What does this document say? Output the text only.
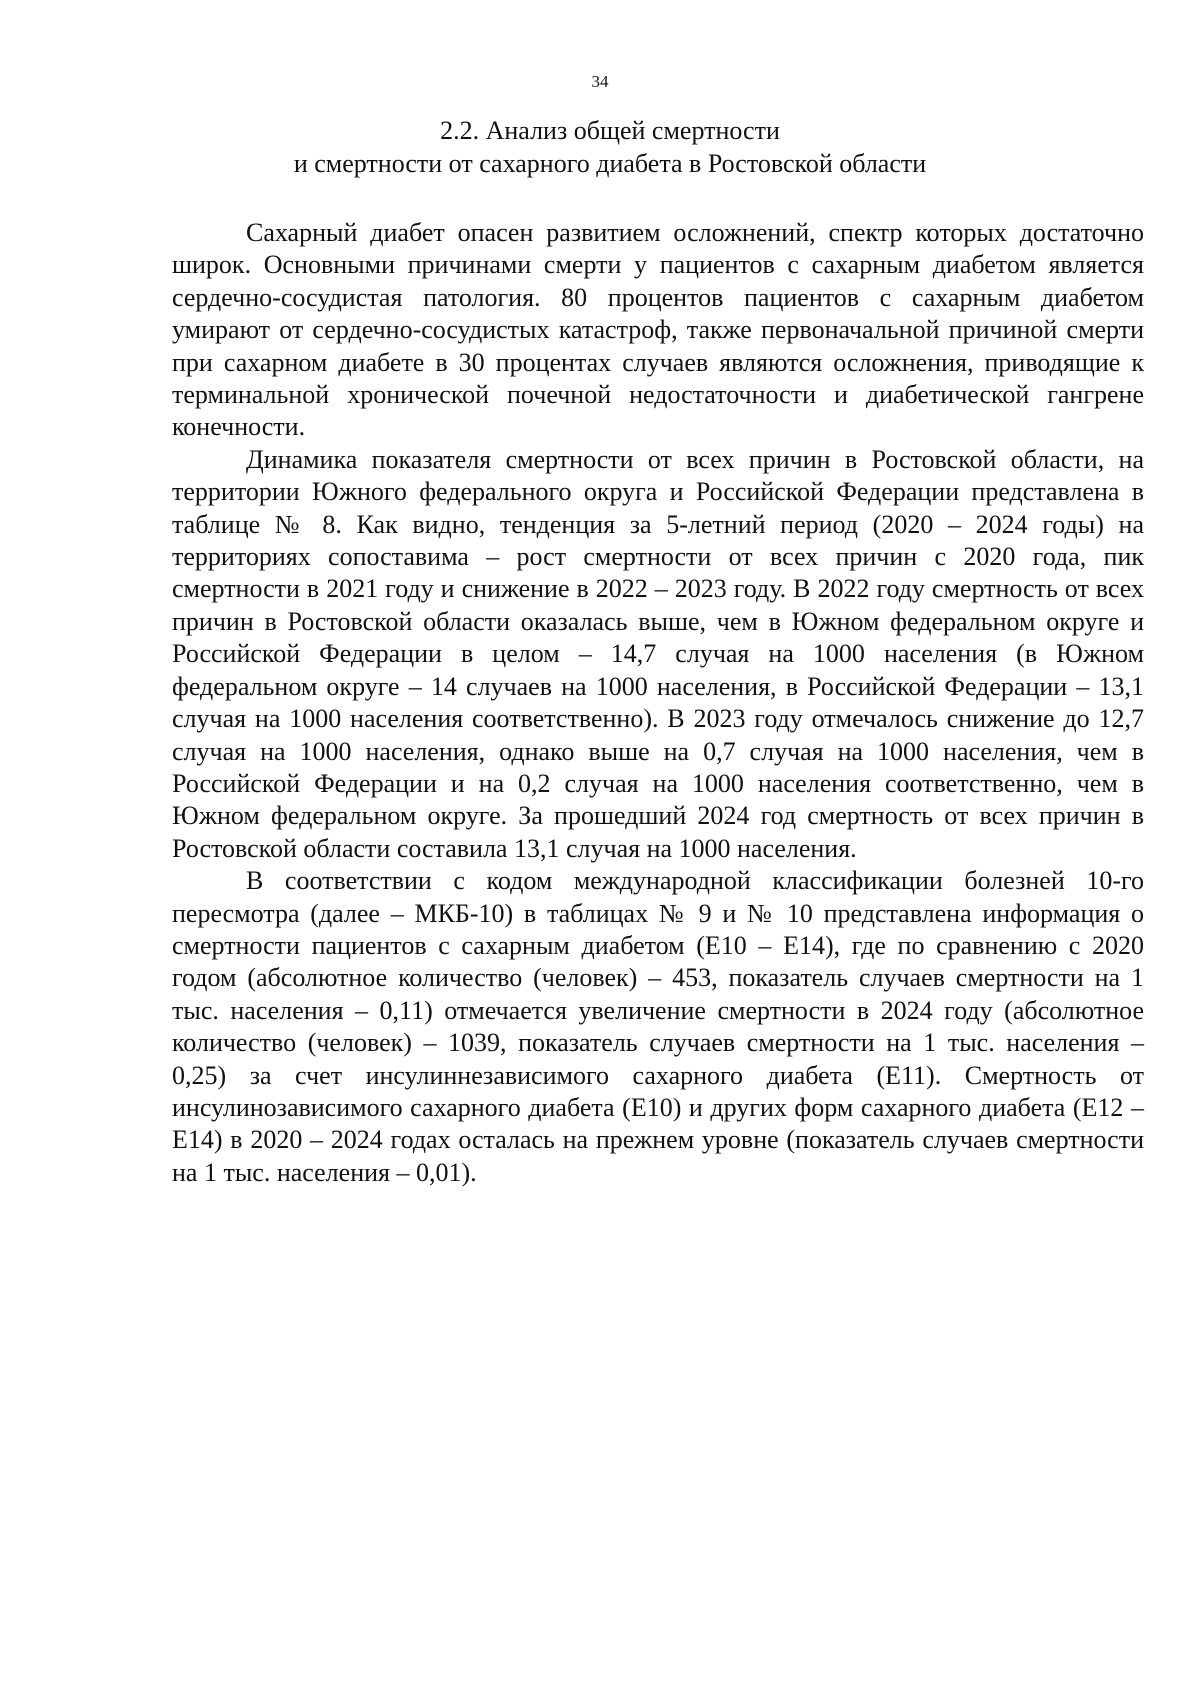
34
2.2. Анализ общей смертности
и смертности от сахарного диабета в Ростовской области

Сахарный диабет опасен развитием осложнений, спектр которых достаточно широк. Основными причинами смерти у пациентов с сахарным диабетом является сердечно-сосудистая патология. 80 процентов пациентов с сахарным диабетом умирают от сердечно-сосудистых катастроф, также первоначальной причиной смерти при сахарном диабете в 30 процентах случаев являются осложнения, приводящие к терминальной хронической почечной недостаточности и диабетической гангрене конечности.

Динамика показателя смертности от всех причин в Ростовской области, на территории Южного федерального округа и Российской Федерации представлена в таблице № 8. Как видно, тенденция за 5-летний период (2020 – 2024 годы) на территориях сопоставима – рост смертности от всех причин с 2020 года, пик смертности в 2021 году и снижение в 2022 – 2023 году. В 2022 году смертность от всех причин в Ростовской области оказалась выше, чем в Южном федеральном округе и Российской Федерации в целом – 14,7 случая на 1000 населения (в Южном федеральном округе – 14 случаев на 1000 населения, в Российской Федерации – 13,1 случая на 1000 населения соответственно). В 2023 году отмечалось снижение до 12,7 случая на 1000 населения, однако выше на 0,7 случая на 1000 населения, чем в Российской Федерации и на 0,2 случая на 1000 населения соответственно, чем в Южном федеральном округе. За прошедший 2024 год смертность от всех причин в Ростовской области составила 13,1 случая на 1000 населения.

В соответствии с кодом международной классификации болезней 10-го пересмотра (далее – МКБ-10) в таблицах № 9 и № 10 представлена информация о смертности пациентов с сахарным диабетом (Е10 – Е14), где по сравнению с 2020 годом (абсолютное количество (человек) – 453, показатель случаев смертности на 1 тыс. населения – 0,11) отмечается увеличение смертности в 2024 году (абсолютное количество (человек) – 1039, показатель случаев смертности на 1 тыс. населения – 0,25) за счет инсулиннезависимого сахарного диабета (Е11). Смертность от инсулинозависимого сахарного диабета (Е10) и других форм сахарного диабета (Е12 – Е14) в 2020 – 2024 годах осталась на прежнем уровне (показатель случаев смертности на 1 тыс. населения – 0,01).
